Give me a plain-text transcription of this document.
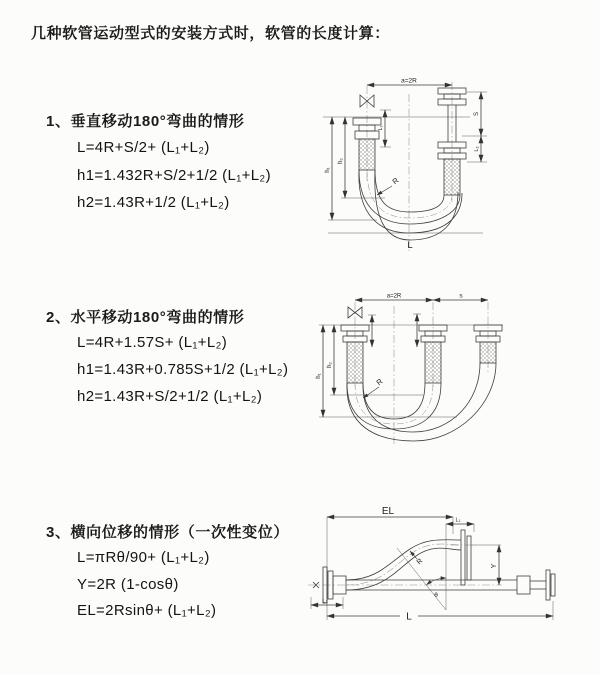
几种软管运动型式的安装方式时，软管的长度计算：
1、垂直移动180°弯曲的情形
L=4R+S/2+ (L₁+L₂)
h1=1.432R+S/2+1/2 (L₁+L₂)
h2=1.43R+1/2 (L₁+L₂)
2、水平移动180°弯曲的情形
L=4R+1.57S+ (L₁+L₂)
h1=1.43R+0.785S+1/2 (L₁+L₂)
h2=1.43R+S/2+1/2 (L₁+L₂)
3、横向位移的情形（一次性变位）
L=πRθ/90+ (L₁+L₂)
Y=2R (1-cosθ)
EL=2Rsinθ+ (L₁+L₂)
a=2R
L₁
S
L₂
h₁
h₂
R
L
a=2R	s
h₁
h₂
R
EL
L₁
Y
R
θ
L₂
L
